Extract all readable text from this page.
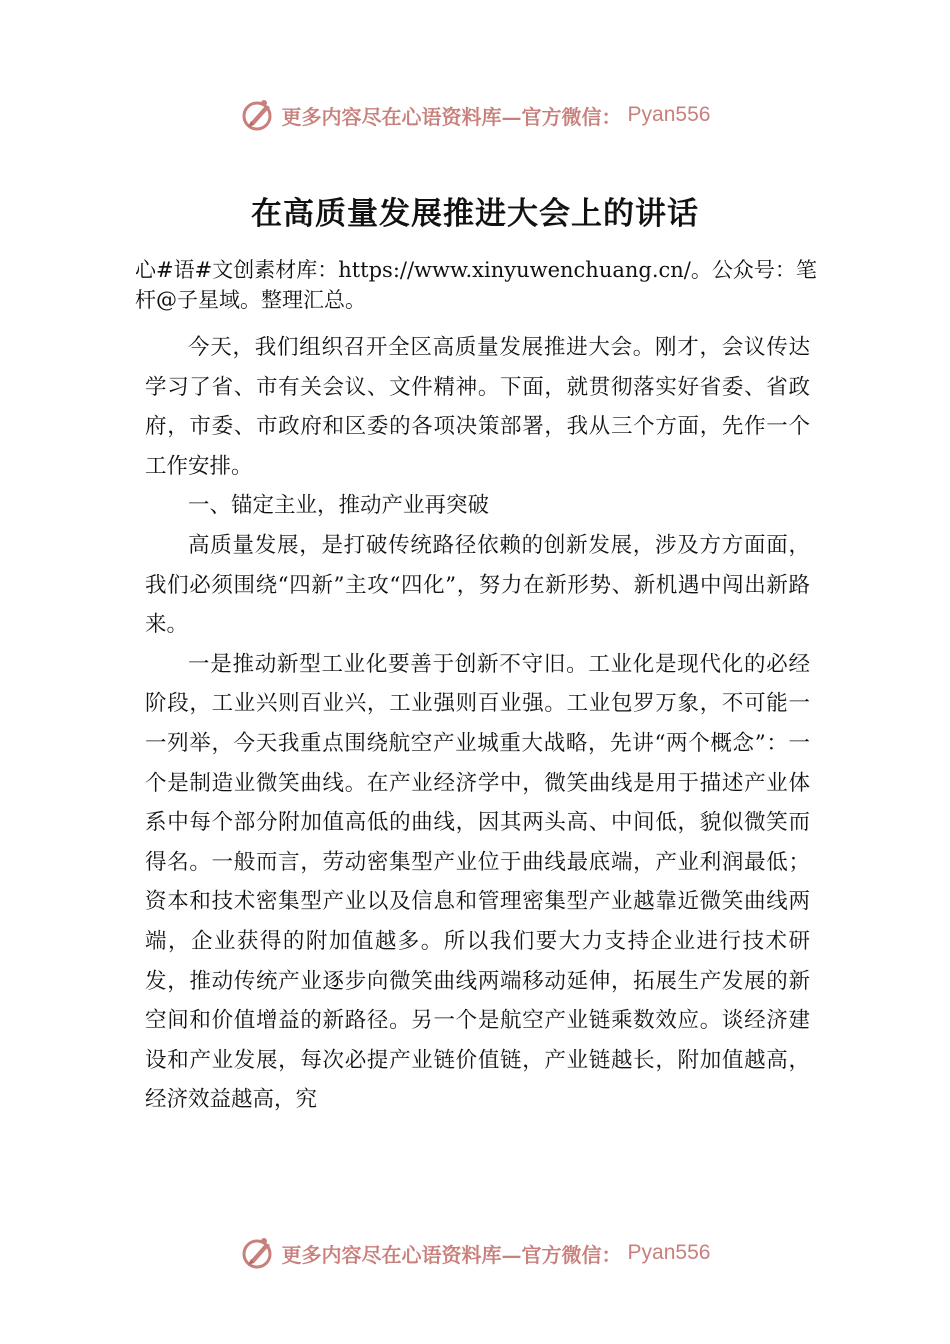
更多内容尽在心语资料库—官方微信： Pyan556
在高质量发展推进大会上的讲话
心#语#文创素材库：https://www.xinyuwenchuang.cn/。公众号：笔杆@子星域。整理汇总。

今天，我们组织召开全区高质量发展推进大会。刚才，会议传达学习了省、市有关会议、文件精神。下面，就贯彻落实好省委、省政府，市委、市政府和区委的各项决策部署，我从三个方面，先作一个工作安排。

一、锚定主业，推动产业再突破

高质量发展，是打破传统路径依赖的创新发展，涉及方方面面，我们必须围绕“四新”主攻“四化”，努力在新形势、新机遇中闯出新路来。

一是推动新型工业化要善于创新不守旧。工业化是现代化的必经阶段，工业兴则百业兴，工业强则百业强。工业包罗万象，不可能一一列举，今天我重点围绕航空产业城重大战略，先讲“两个概念”：一个是制造业微笑曲线。在产业经济学中，微笑曲线是用于描述产业体系中每个部分附加值高低的曲线，因其两头高、中间低，貌似微笑而得名。一般而言，劳动密集型产业位于曲线最底端，产业利润最低；资本和技术密集型产业以及信息和管理密集型产业越靠近微笑曲线两端，企业获得的附加值越多。所以我们要大力支持企业进行技术研发，推动传统产业逐步向微笑曲线两端移动延伸，拓展生产发展的新空间和价值增益的新路径。另一个是航空产业链乘数效应。谈经济建设和产业发展，每次必提产业链价值链，产业链越长，附加值越高，经济效益越高，究

更多内容尽在心语资料库—官方微信： Pyan556
